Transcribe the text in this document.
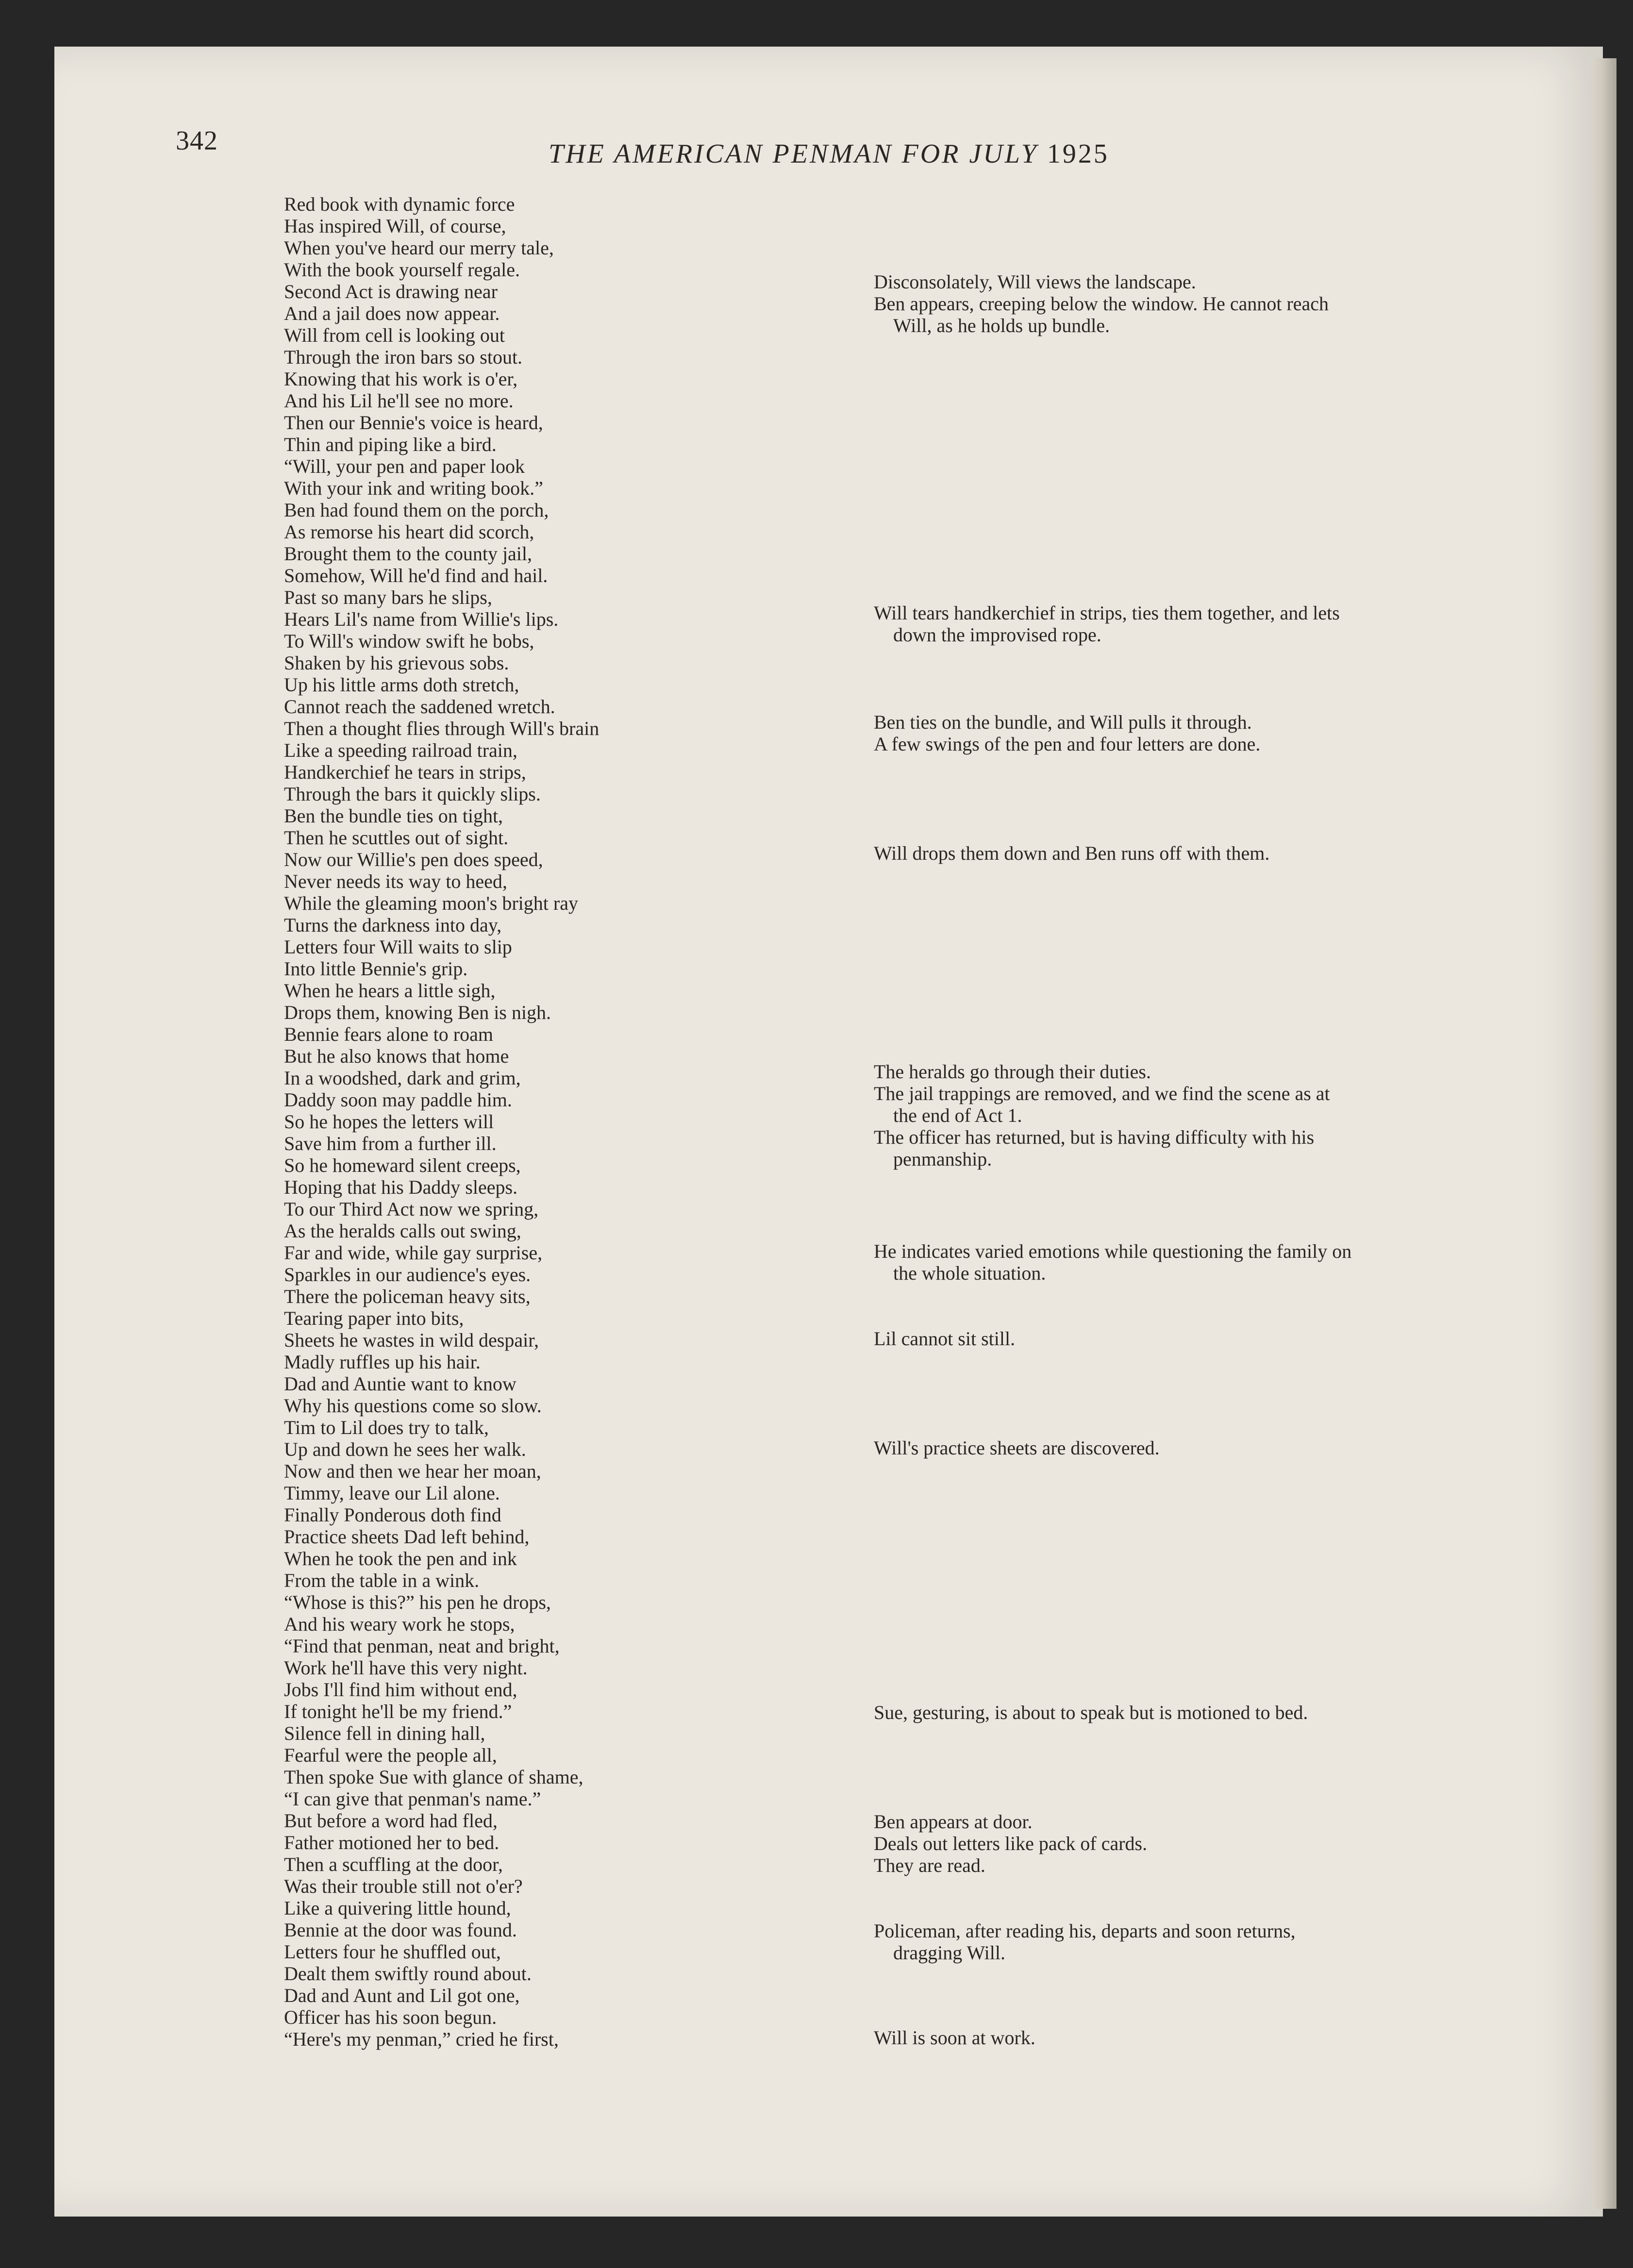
342	THE AMERICAN PENMAN FOR JULY 1925
Red book with dynamic force
Has inspired Will, of course,
When you've heard our merry tale,
With the book yourself regale.
Second Act is drawing near
And a jail does now appear.
Will from cell is looking out
Through the iron bars so stout.
Knowing that his work is o'er,
And his Lil he'll see no more.
Then our Bennie's voice is heard,
Thin and piping like a bird.
“Will, your pen and paper look
With your ink and writing book.”
Ben had found them on the porch,
As remorse his heart did scorch,
Brought them to the county jail,
Somehow, Will he'd find and hail.
Past so many bars he slips,
Hears Lil's name from Willie's lips.
To Will's window swift he bobs,
Shaken by his grievous sobs.
Up his little arms doth stretch,
Cannot reach the saddened wretch.
Then a thought flies through Will's brain
Like a speeding railroad train,
Handkerchief he tears in strips,
Through the bars it quickly slips.
Ben the bundle ties on tight,
Then he scuttles out of sight.
Now our Willie's pen does speed,
Never needs its way to heed,
While the gleaming moon's bright ray
Turns the darkness into day,
Letters four Will waits to slip
Into little Bennie's grip.
When he hears a little sigh,
Drops them, knowing Ben is nigh.
Bennie fears alone to roam
But he also knows that home
In a woodshed, dark and grim,
Daddy soon may paddle him.
So he hopes the letters will
Save him from a further ill.
So he homeward silent creeps,
Hoping that his Daddy sleeps.
To our Third Act now we spring,
As the heralds calls out swing,
Far and wide, while gay surprise,
Sparkles in our audience's eyes.
There the policeman heavy sits,
Tearing paper into bits,
Sheets he wastes in wild despair,
Madly ruffles up his hair.
Dad and Auntie want to know
Why his questions come so slow.
Tim to Lil does try to talk,
Up and down he sees her walk.
Now and then we hear her moan,
Timmy, leave our Lil alone.
Finally Ponderous doth find
Practice sheets Dad left behind,
When he took the pen and ink
From the table in a wink.
“Whose is this?” his pen he drops,
And his weary work he stops,
“Find that penman, neat and bright,
Work he'll have this very night.
Jobs I'll find him without end,
If tonight he'll be my friend.”
Silence fell in dining hall,
Fearful were the people all,
Then spoke Sue with glance of shame,
“I can give that penman's name.”
But before a word had fled,
Father motioned her to bed.
Then a scuffling at the door,
Was their trouble still not o'er?
Like a quivering little hound,
Bennie at the door was found.
Letters four he shuffled out,
Dealt them swiftly round about.
Dad and Aunt and Lil got one,
Officer has his soon begun.
“Here's my penman,” cried he first,
Disconsolately, Will views the landscape.
Ben appears, creeping below the window. He cannot reach
Will, as he holds up bundle.
Will tears handkerchief in strips, ties them together, and lets
down the improvised rope.
Ben ties on the bundle, and Will pulls it through.
A few swings of the pen and four letters are done.
Will drops them down and Ben runs off with them.
The heralds go through their duties.
The jail trappings are removed, and we find the scene as at
the end of Act 1.
The officer has returned, but is having difficulty with his
penmanship.
He indicates varied emotions while questioning the family on
the whole situation.
Lil cannot sit still.
Will's practice sheets are discovered.
Sue, gesturing, is about to speak but is motioned to bed.
Ben appears at door.
Deals out letters like pack of cards.
They are read.
Policeman, after reading his, departs and soon returns,
dragging Will.
Will is soon at work.
